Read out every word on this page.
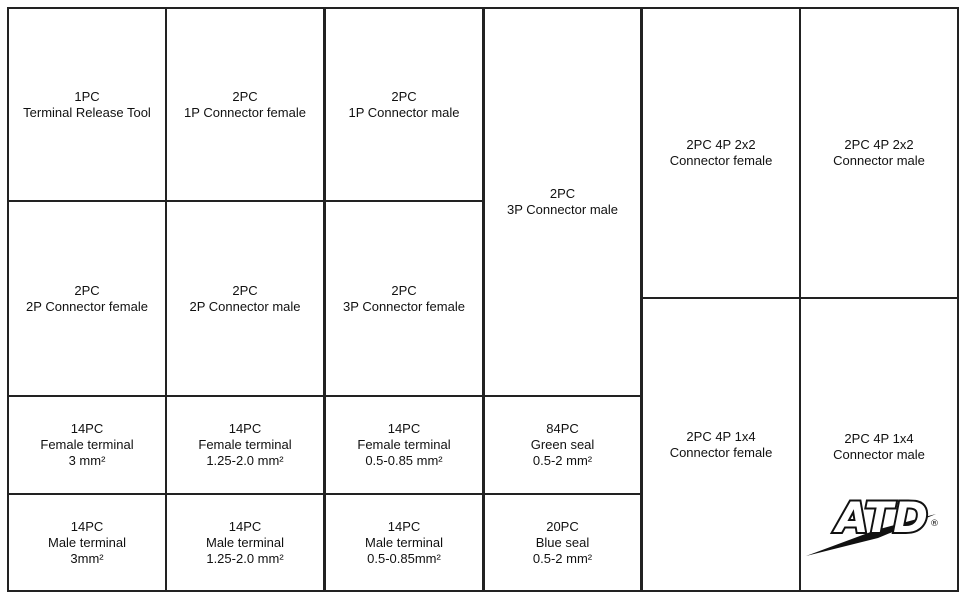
1PC
Terminal Release Tool
2PC
1P Connector female
2PC
1P Connector male
2PC
3P Connector male
2PC 4P 2x2
Connector female
2PC 4P 2x2
Connector male
2PC
2P Connector female
2PC
2P Connector male
2PC
3P Connector female
14PC
Female terminal
3 mm²
14PC
Female terminal
1.25-2.0 mm²
14PC
Female terminal
0.5-0.85 mm²
84PC
Green seal
0.5-2 mm²
2PC 4P 1x4
Connector female
2PC 4P 1x4
Connector male
14PC
Male terminal
3mm²
14PC
Male terminal
1.25-2.0 mm²
14PC
Male terminal
0.5-0.85mm²
20PC
Blue seal
0.5-2 mm²
ATD ®
